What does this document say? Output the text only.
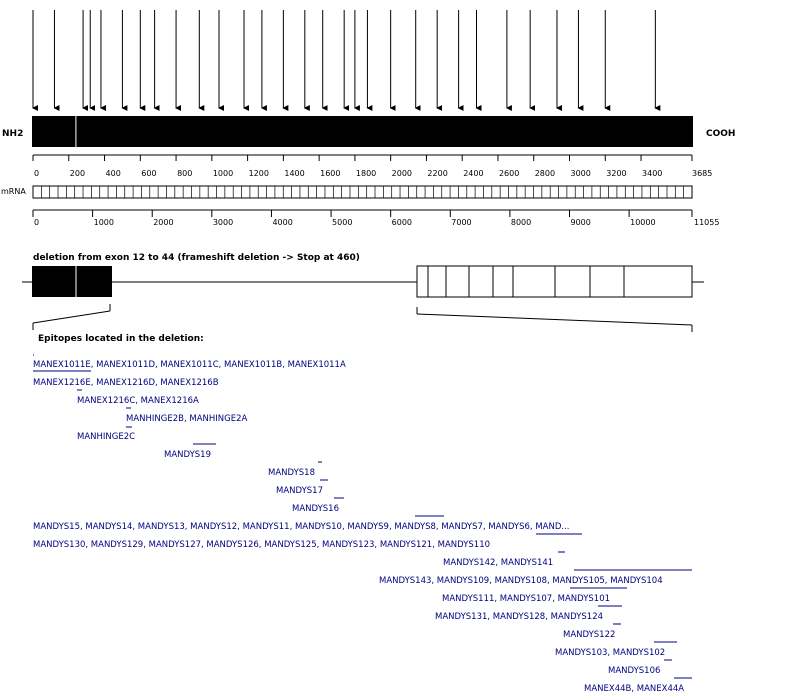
NH2	COOH
0	200	400	600	800	1000 1200 1400 1600 1800 2000 2200 2400 2600 2800 3000 3200 3400	3685
mRNA
0	1000	2000	3000	4000	5000	6000	7000	8000	9000	10000	11055
deletion from exon 12 to 44 (frameshift deletion -> Stop at 460)
Epitopes located in the deletion:
MANEX1011E, MANEX1011D, MANEX1011C, MANEX1011B, MANEX1011A
MANEX1216E, MANEX1216D, MANEX1216B
MANEX1216C, MANEX1216A
MANHINGE2B, MANHINGE2A
MANHINGE2C
MANDYS19
MANDYS18
MANDYS17
MANDYS16
MANDYS15, MANDYS14, MANDYS13, MANDYS12, MANDYS11, MANDYS10, MANDYS9, MANDYS8, MANDYS7, MANDYS6, MAND...
MANDYS130, MANDYS129, MANDYS127, MANDYS126, MANDYS125, MANDYS123, MANDYS121, MANDYS110
MANDYS142, MANDYS141
MANDYS143, MANDYS109, MANDYS108, MANDYS105, MANDYS104
MANDYS111, MANDYS107, MANDYS101
MANDYS131, MANDYS128, MANDYS124
MANDYS122
MANDYS103, MANDYS102
MANDYS106
MANEX44B, MANEX44A
